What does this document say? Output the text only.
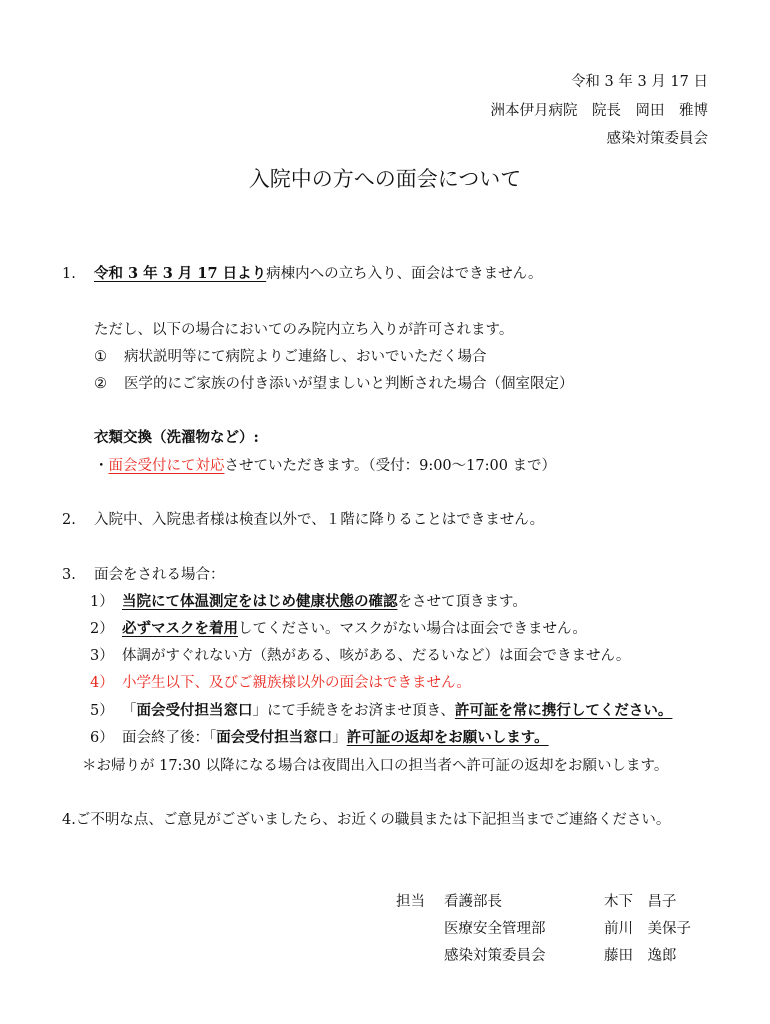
令和 3 年 3 月 17 日
洲本伊月病院　院長　岡田　雅博
感染対策委員会
入院中の方への面会について
1. 令和 3 年 3 月 17 日より病棟内への立ち入り、面会はできません。
ただし、以下の場合においてのみ院内立ち入りが許可されます。
① 病状説明等にて病院よりご連絡し、おいでいただく場合
② 医学的にご家族の付き添いが望ましいと判断された場合（個室限定）
衣類交換（洗濯物など）:
・面会受付にて対応させていただきます。（受付：9:00〜17:00 まで）
2. 入院中、入院患者様は検査以外で、１階に降りることはできません。
3. 面会をされる場合：
1） 当院にて体温測定をはじめ健康状態の確認をさせて頂きます。
2） 必ずマスクを着用してください。マスクがない場合は面会できません。
3） 体調がすぐれない方（熱がある、咳がある、だるいなど）は面会できません。
4） 小学生以下、及びご親族様以外の面会はできません。
5） 「面会受付担当窓口」にて手続きをお済ませ頂き、許可証を常に携行してください。
6） 面会終了後：「面会受付担当窓口」許可証の返却をお願いします。
＊お帰りが 17:30 以降になる場合は夜間出入口の担当者へ許可証の返却をお願いします。
4.ご不明な点、ご意見がございましたら、お近くの職員または下記担当までご連絡ください。
担当 看護部長	木下　昌子
医療安全管理部	前川　美保子
感染対策委員会	藤田　逸郎
